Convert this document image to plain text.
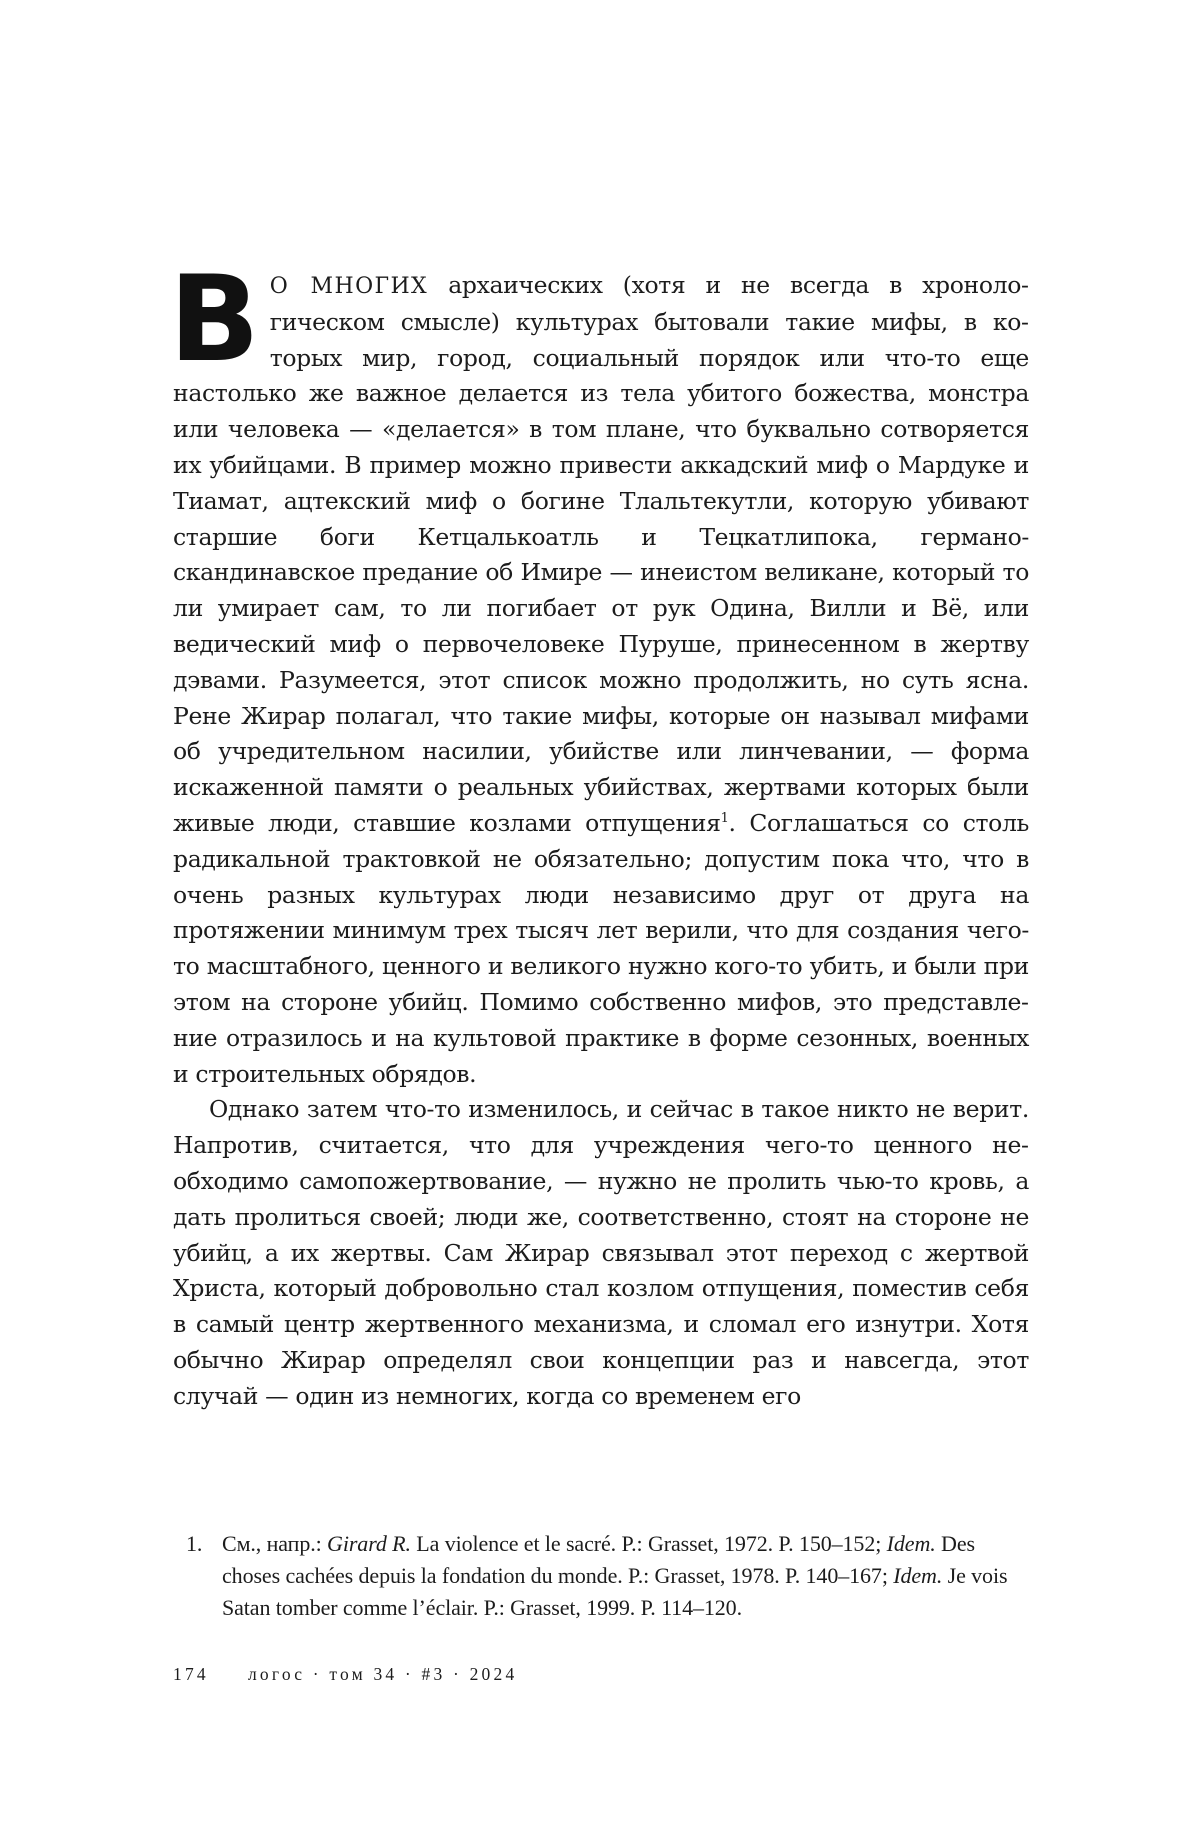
ВО МНОГИХ архаических (хотя и не всегда в хронологическом смысле) культурах бытовали такие мифы, в которых мир, город, социальный порядок или что-то еще настолько же важное делается из тела убитого божества, монстра или человека — «делается» в том плане, что буквально сотворяется их убийцами. В пример можно привести аккадский миф о Мардуке и Тиамат, ацтекский миф о богине Тлальтекутли, которую убивают старшие боги Кетцалькоатль и Тецкатлипока, германо-скандинавское предание об Имире — инеистом великане, который то ли умирает сам, то ли погибает от рук Одина, Вилли и Вё, или ведический миф о первочеловеке Пуруше, принесенном в жертву дэвами. Разумеется, этот список можно продолжить, но суть ясна. Рене Жирар полагал, что такие мифы, которые он называл мифами об учредительном насилии, убийстве или линчевании, — форма искаженной памяти о реальных убийствах, жертвами которых были живые люди, ставшие козлами отпущения$^1$. Соглашаться со столь радикальной трактовкой не обязательно; допустим пока что, что в очень разных культурах люди независимо друг от друга на протяжении минимум трех тысяч лет верили, что для создания чего-то масштабного, ценного и великого нужно кого-то убить, и были при этом на стороне убийц. Помимо собственно мифов, это представление отразилось и на культовой практике в форме сезонных, военных и строительных обрядов.

Однако затем что-то изменилось, и сейчас в такое никто не верит. Напротив, считается, что для учреждения чего-то ценного необходимо самопожертвование, — нужно не пролить чью-то кровь, а дать пролиться своей; люди же, соответственно, стоят на стороне не убийц, а их жертвы. Сам Жирар связывал этот переход с жертвой Христа, который добровольно стал козлом отпущения, поместив себя в самый центр жертвенного механизма, и сломал его изнутри. Хотя обычно Жирар определял свои концепции раз и навсегда, этот случай — один из немногих, когда со временем его

1. См., напр.: Girard R. La violence et le sacré. P.: Grasset, 1972. P. 150–152; Idem. Des choses cachées depuis la fondation du monde. P.: Grasset, 1978. P. 140–167; Idem. Je vois Satan tomber comme l’éclair. P.: Grasset, 1999. P. 114–120.

174 логос · том 34 · #3 · 2024
